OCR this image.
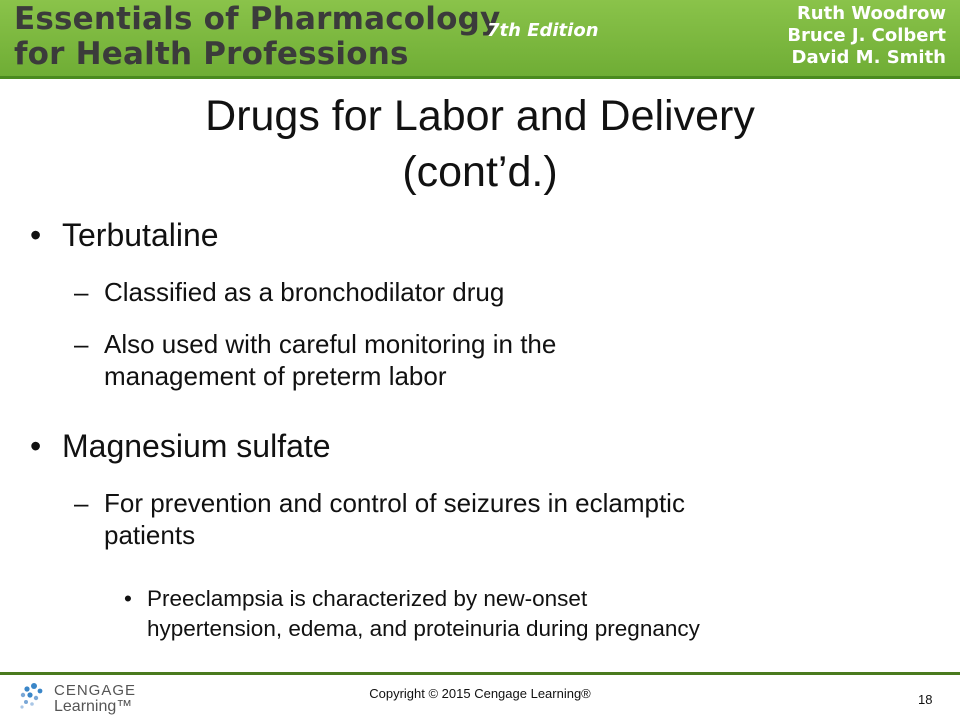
Essentials of Pharmacology
for Health Professions
7th Edition
Ruth Woodrow
Bruce J. Colbert
David M. Smith
Drugs for Labor and Delivery
(cont’d.)
• Terbutaline
– Classified as a bronchodilator drug
– Also used with careful monitoring in the
management of preterm labor
• Magnesium sulfate
– For prevention and control of seizures in eclamptic
patients
• Preeclampsia is characterized by new-onset
hypertension, edema, and proteinuria during pregnancy
CENGAGE
Learning™
Copyright © 2015 Cengage Learning®	18
